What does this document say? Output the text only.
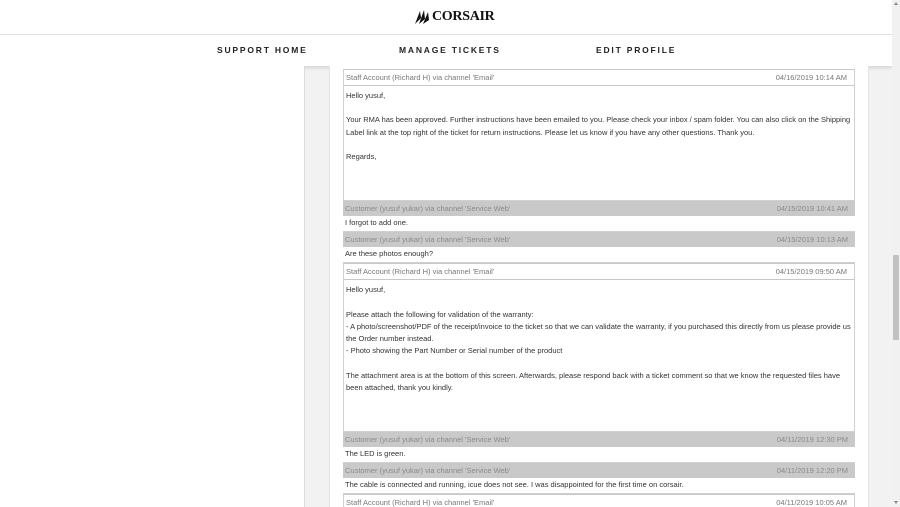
CORSAIR
SUPPORT HOME	MANAGE TICKETS	EDIT PROFILE
Staff Account (Richard H) via channel 'Email'	04/16/2019 10:14 AM

Hello yusuf,

Your RMA has been approved. Further instructions have been emailed to you. Please check your inbox / spam folder. You can also click on the Shipping Label link at the top right of the ticket for return instructions. Please let us know if you have any other questions. Thank you.

Regards,

Customer (yusuf yukar) via channel 'Service Web'	04/15/2019 10:41 AM

I forgot to add one.

Customer (yusuf yukar) via channel 'Service Web'	04/15/2019 10:13 AM

Are these photos enough?

Staff Account (Richard H) via channel 'Email'	04/15/2019 09:50 AM

Hello yusuf,

Please attach the following for validation of the warranty:

- A photo/screenshot/PDF of the receipt/invoice to the ticket so that we can validate the warranty, if you purchased this directly from us please provide us the Order number instead.

- Photo showing the Part Number or Serial number of the product

The attachment area is at the bottom of this screen. Afterwards, please respond back with a ticket comment so that we know the requested files have been attached, thank you kindly.

Customer (yusuf yukar) via channel 'Service Web'	04/11/2019 12:30 PM

The LED is green.

Customer (yusuf yukar) via channel 'Service Web'	04/11/2019 12:20 PM

The cable is connected and running, icue does not see. I was disappointed for the first time on corsair.

Staff Account (Richard H) via channel 'Email'	04/11/2019 10:05 AM
